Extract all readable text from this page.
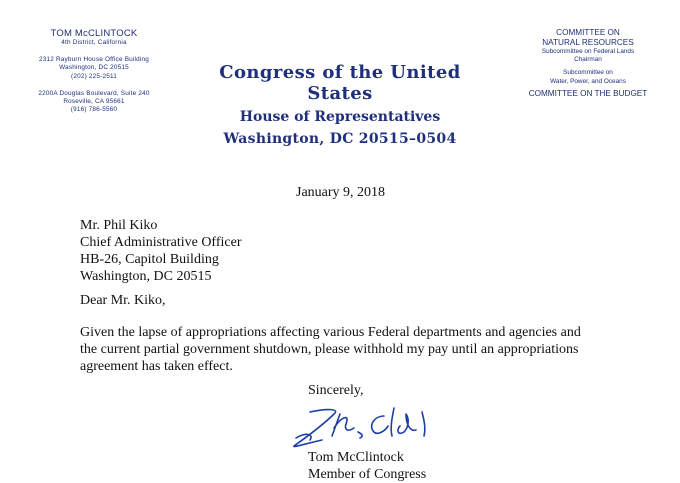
TOM McCLINTOCK
4th District, California
2312 Rayburn House Office Building
Washington, DC 20515
(202) 225-2511
2200A Douglas Boulevard, Suite 240
Roseville, CA 95661
(916) 786-5560
Congress of the United States
House of Representatives
Washington, DC 20515–0504
COMMITTEE ON
NATURAL RESOURCES
Subcommittee on Federal Lands
Chairman
Subcommittee on
Water, Power, and Oceans
COMMITTEE ON THE BUDGET
January 9, 2018
Mr. Phil Kiko
Chief Administrative Officer
HB-26, Capitol Building
Washington, DC 20515
Dear Mr. Kiko,
Given the lapse of appropriations affecting various Federal departments and agencies and the current partial government shutdown, please withhold my pay until an appropriations agreement has taken effect.
Sincerely,
Tom McClintock
Member of Congress
